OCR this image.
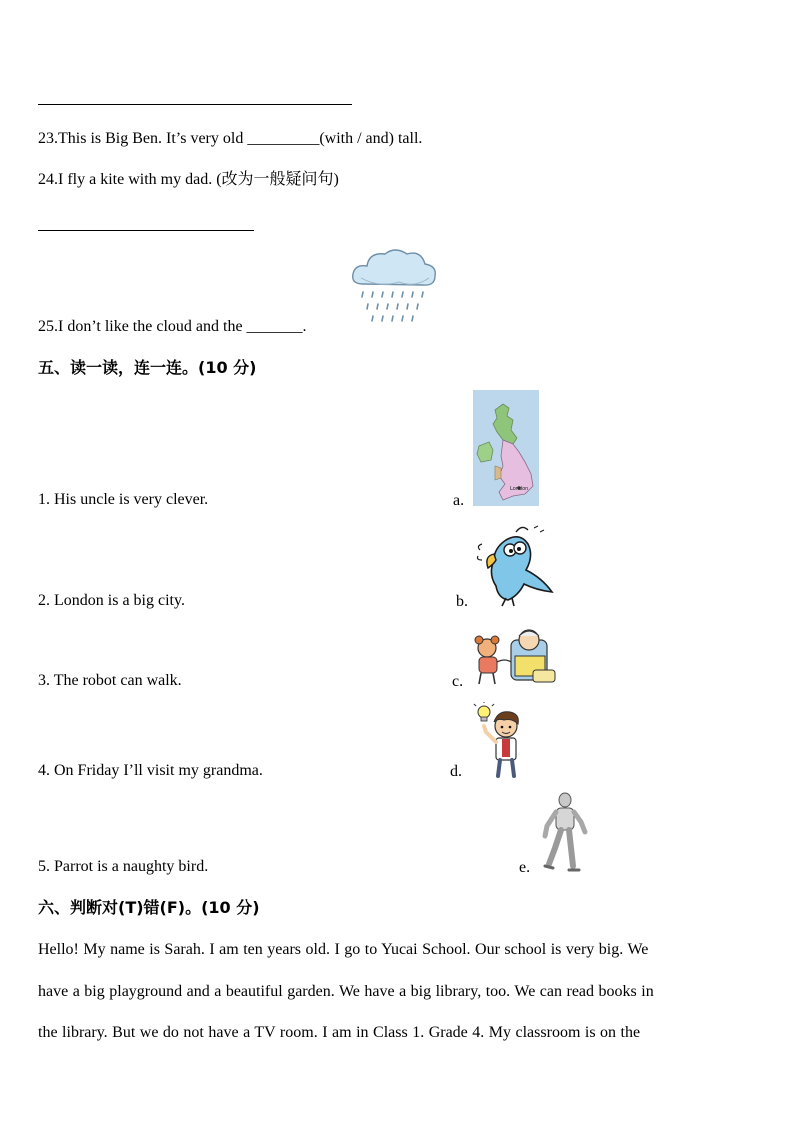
23.This is Big Ben. It’s very old _________(with / and) tall.
24.I fly a kite with my dad. (改为一般疑问句)
25.I don’t like the cloud and the _______.
五、读一读，连一连。(10 分)
1. His uncle is very clever.	a.
2. London is a big city.	b.
3. The robot can walk.	c.
4. On Friday I’ll visit my grandma.	d.
5. Parrot is a naughty bird.	e.
London
六、判断对(T)错(F)。(10 分)
Hello! My name is Sarah. I am ten years old. I go to Yucai School. Our school is very big. We
have a big playground and a beautiful garden. We have a big library, too. We can read books in
the library. But we do not have a TV room. I am in Class 1. Grade 4. My classroom is on the
